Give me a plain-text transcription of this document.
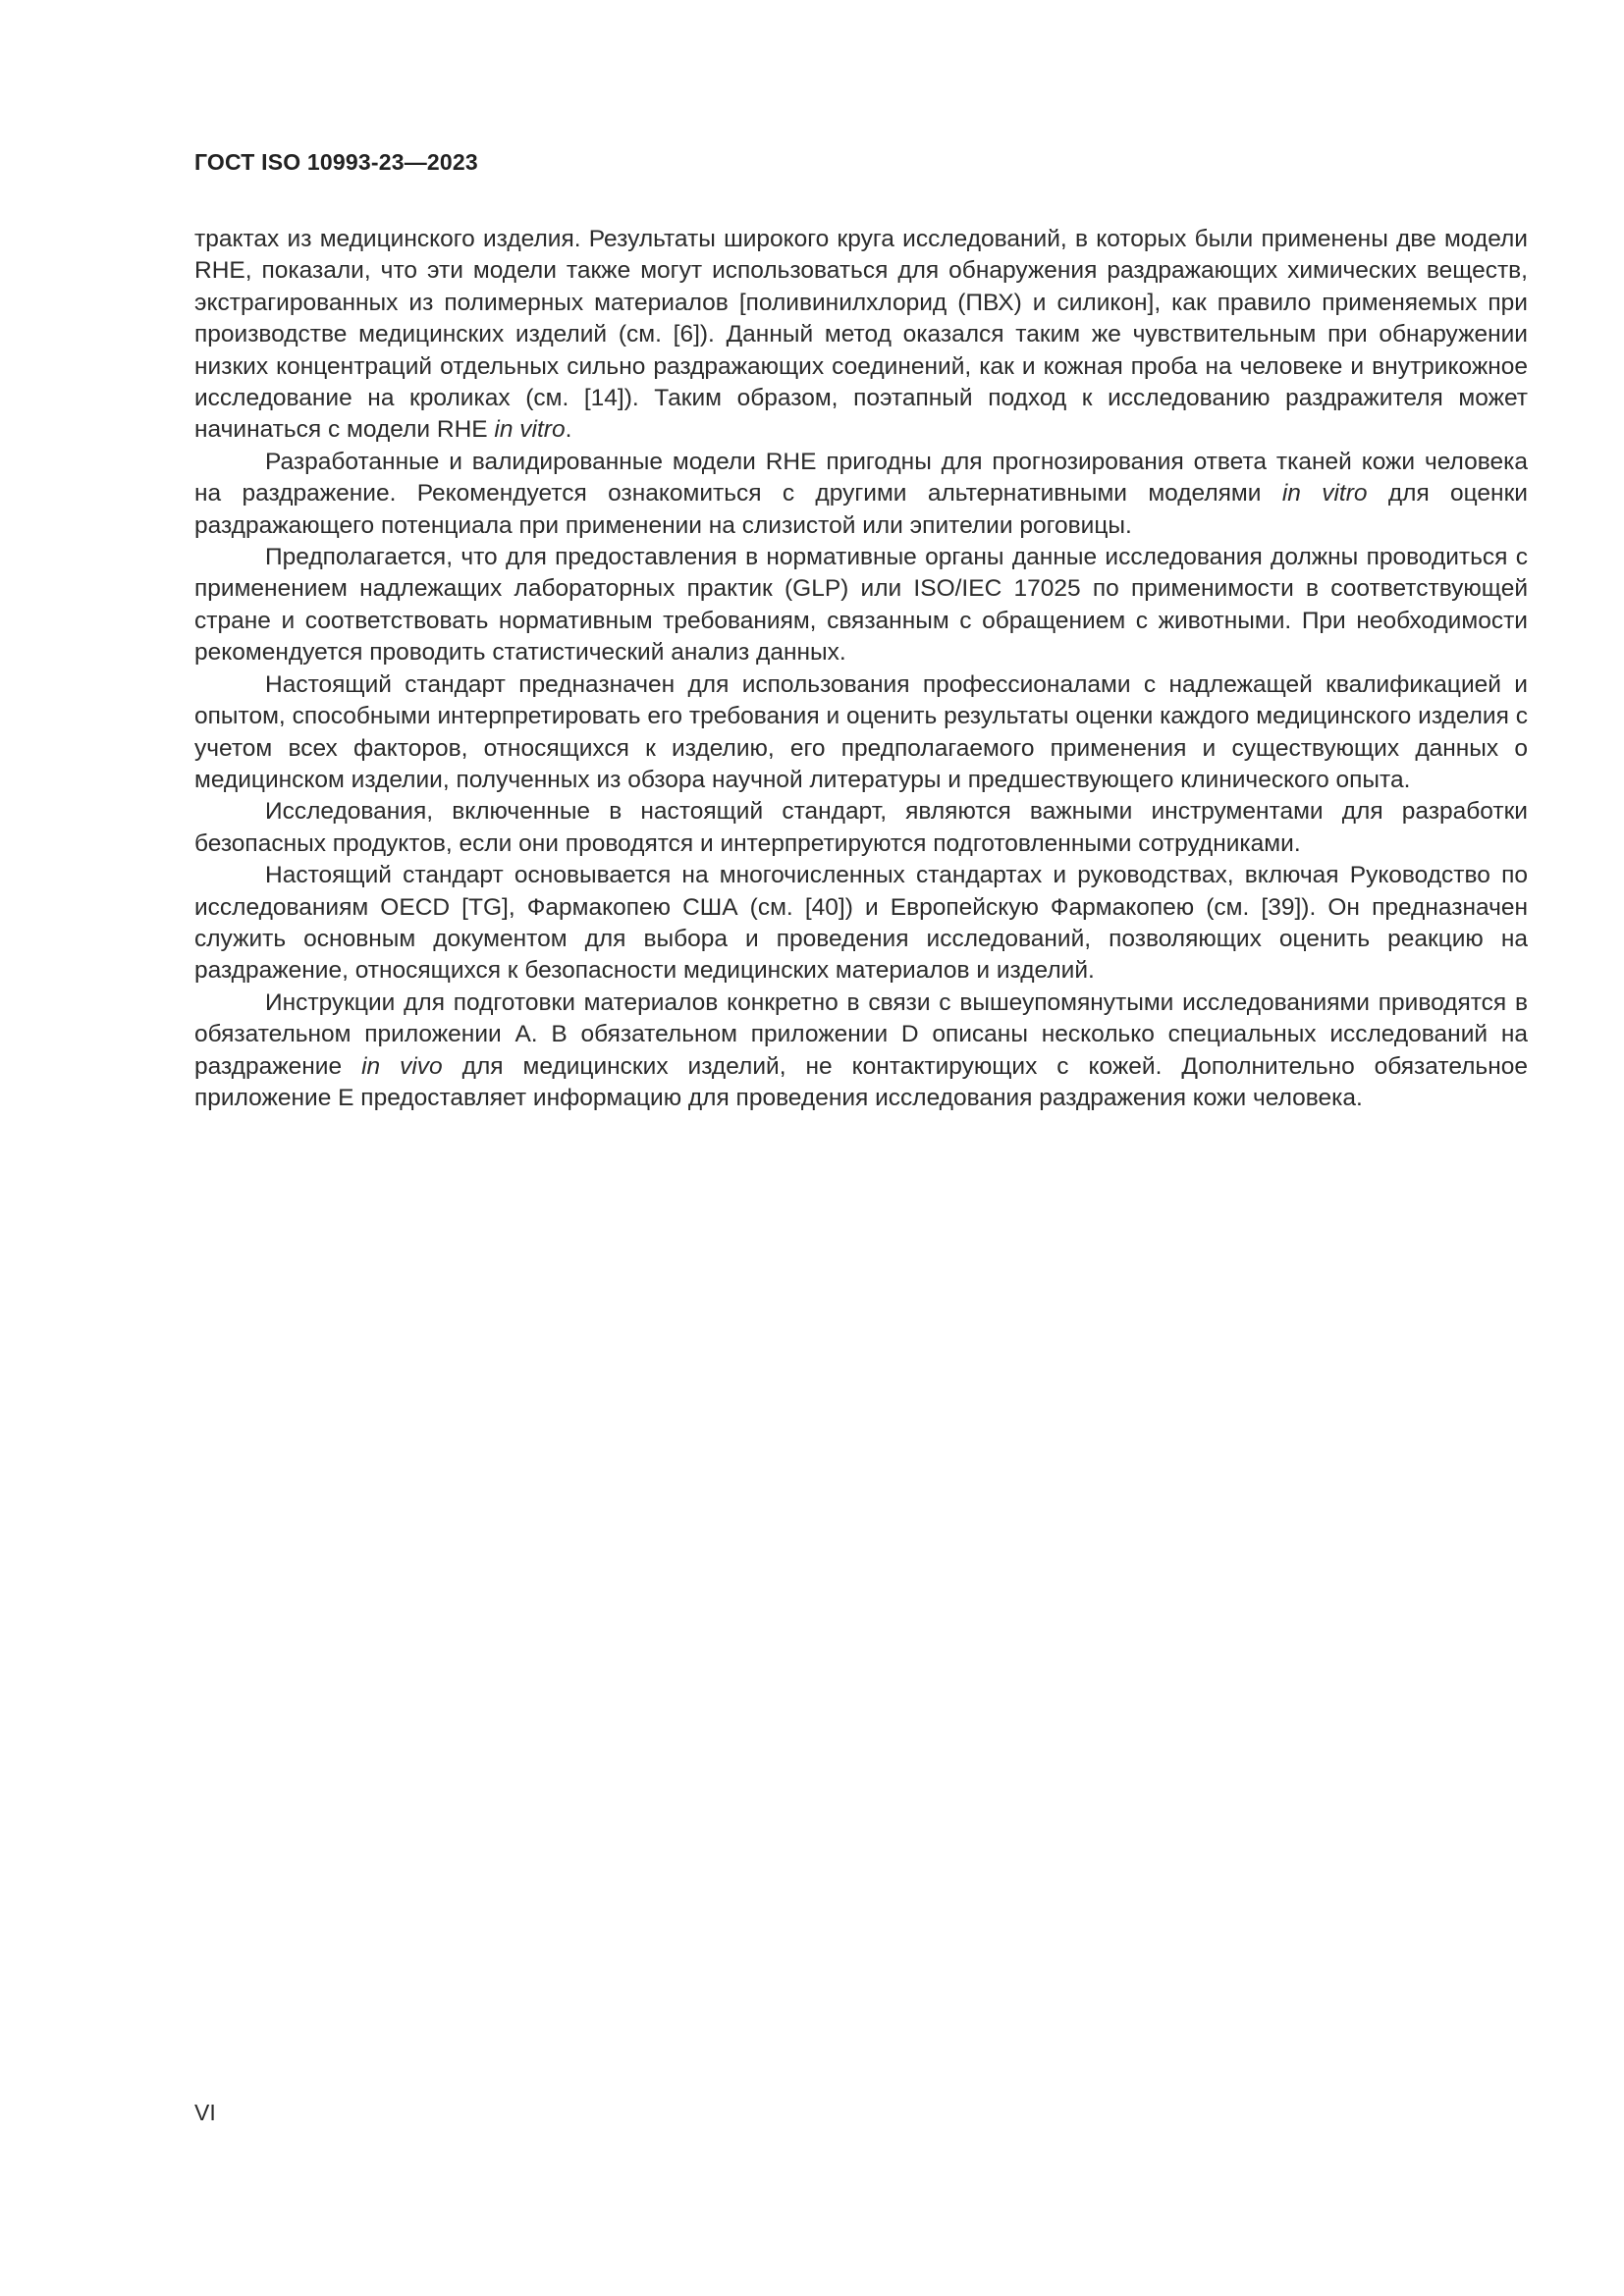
ГОСТ ISO 10993-23—2023

трактах из медицинского изделия. Результаты широкого круга исследований, в которых были применены две модели RHE, показали, что эти модели также могут использоваться для обнаружения раздражающих химических веществ, экстрагированных из полимерных материалов [поливинилхлорид (ПВХ) и силикон], как правило применяемых при производстве медицинских изделий (см. [6]). Данный метод оказался таким же чувствительным при обнаружении низких концентраций отдельных сильно раздражающих соединений, как и кожная проба на человеке и внутрикожное исследование на кроликах (см. [14]). Таким образом, поэтапный подход к исследованию раздражителя может начинаться с модели RHE in vitro.

Разработанные и валидированные модели RHE пригодны для прогнозирования ответа тканей кожи человека на раздражение. Рекомендуется ознакомиться с другими альтернативными моделями in vitro для оценки раздражающего потенциала при применении на слизистой или эпителии роговицы.

Предполагается, что для предоставления в нормативные органы данные исследования должны проводиться с применением надлежащих лабораторных практик (GLP) или ISO/IEC 17025 по применимости в соответствующей стране и соответствовать нормативным требованиям, связанным с обращением с животными. При необходимости рекомендуется проводить статистический анализ данных.

Настоящий стандарт предназначен для использования профессионалами с надлежащей квалификацией и опытом, способными интерпретировать его требования и оценить результаты оценки каждого медицинского изделия с учетом всех факторов, относящихся к изделию, его предполагаемого применения и существующих данных о медицинском изделии, полученных из обзора научной литературы и предшествующего клинического опыта.

Исследования, включенные в настоящий стандарт, являются важными инструментами для разработки безопасных продуктов, если они проводятся и интерпретируются подготовленными сотрудниками.

Настоящий стандарт основывается на многочисленных стандартах и руководствах, включая Руководство по исследованиям OECD [TG], Фармакопею США (см. [40]) и Европейскую Фармакопею (см. [39]). Он предназначен служить основным документом для выбора и проведения исследований, позволяющих оценить реакцию на раздражение, относящихся к безопасности медицинских материалов и изделий.

Инструкции для подготовки материалов конкретно в связи с вышеупомянутыми исследованиями приводятся в обязательном приложении A. В обязательном приложении D описаны несколько специальных исследований на раздражение in vivo для медицинских изделий, не контактирующих с кожей. Дополнительно обязательное приложение E предоставляет информацию для проведения исследования раздражения кожи человека.

VI
